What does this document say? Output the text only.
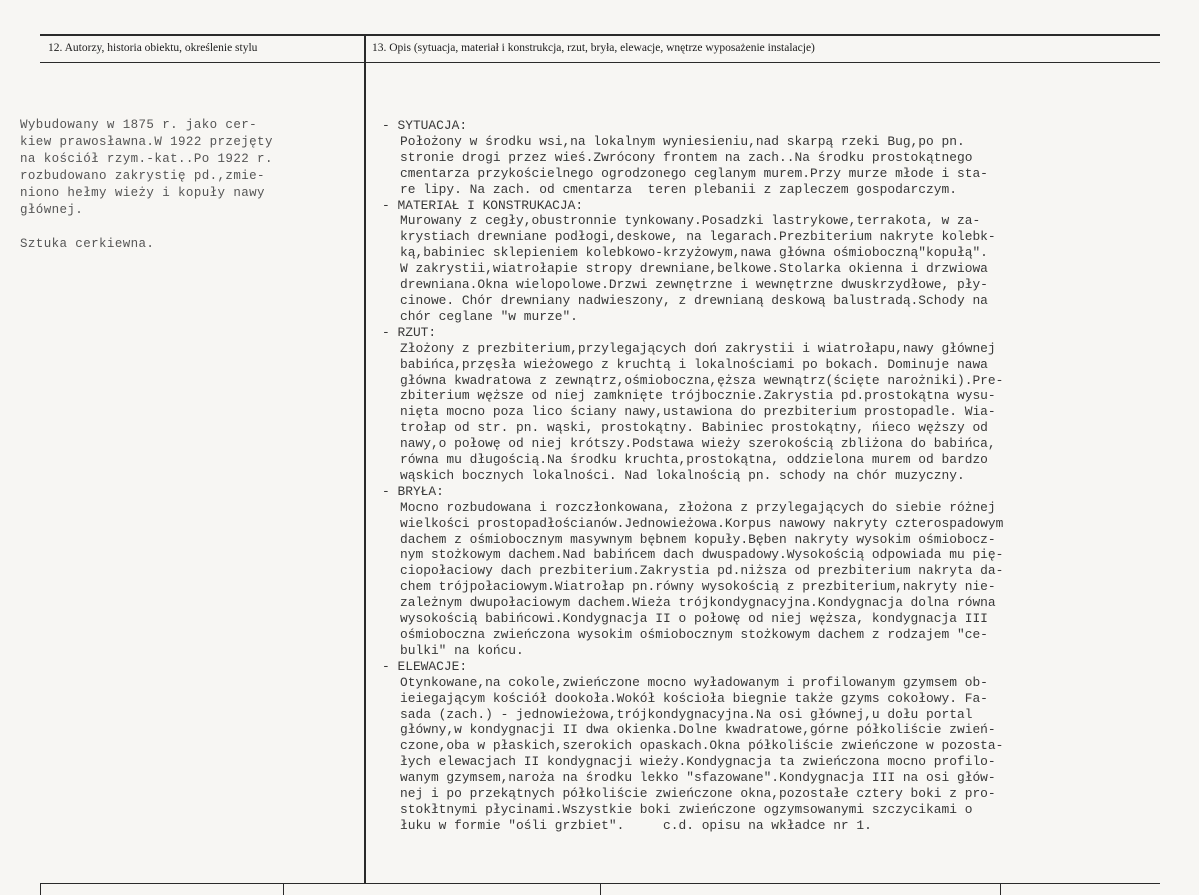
12. Autorzy, historia obiektu, określenie stylu	13. Opis (sytuacja, materiał i konstrukcja, rzut, bryła, elewacje, wnętrze wyposażenie instalacje)
Wybudowany w 1875 r. jako cer-
kiew prawosławna.W 1922 przejęty
na kościół rzym.-kat..Po 1922 r.
rozbudowano zakrystię pd.,zmie-
niono hełmy wieży i kopuły nawy
głównej.
Sztuka cerkiewna.
- SYTUACJA:
Położony w środku wsi,na lokalnym wyniesieniu,nad skarpą rzeki Bug,po pn.
stronie drogi przez wieś.Zwrócony frontem na zach..Na środku prostokątnego
cmentarza przykościelnego ogrodzonego ceglanym murem.Przy murze młode i sta-
re lipy. Na zach. od cmentarza  teren plebanii z zapleczem gospodarczym.
- MATERIAŁ I KONSTRUKACJA:
Murowany z cegły,obustronnie tynkowany.Posadzki lastrykowe,terrakota, w za-
krystiach drewniane podłogi,deskowe, na legarach.Prezbiterium nakryte kolebk-
ką,babiniec sklepieniem kolebkowo-krzyżowym,nawa główna ośmioboczną"kopułą".
W zakrystii,wiatrołapie stropy drewniane,belkowe.Stolarka okienna i drzwiowa
drewniana.Okna wielopolowe.Drzwi zewnętrzne i wewnętrzne dwuskrzydłowe, pły-
cinowe. Chór drewniany nadwieszony, z drewnianą deskową balustradą.Schody na
chór ceglane "w murze".
- RZUT:
Złożony z prezbiterium,przylegających doń zakrystii i wiatrołapu,nawy głównej
babińca,przęsła wieżowego z kruchtą i lokalnościami po bokach. Dominuje nawa
główna kwadratowa z zewnątrz,ośmioboczna,ęższa wewnątrz(ścięte narożniki).Pre-
zbiterium węższe od niej zamknięte trójbocznie.Zakrystia pd.prostokątna wysu-
nięta mocno poza lico ściany nawy,ustawiona do prezbiterium prostopadle. Wia-
trołap od str. pn. wąski, prostokątny. Babiniec prostokątny, ńieco węższy od
nawy,o połowę od niej krótszy.Podstawa wieży szerokością zbliżona do babińca,
równa mu długością.Na środku kruchta,prostokątna, oddzielona murem od bardzo
wąskich bocznych lokalności. Nad lokalnością pn. schody na chór muzyczny.
- BRYŁA:
Mocno rozbudowana i rozczłonkowana, złożona z przylegających do siebie różnej
wielkości prostopadłościanów.Jednowieżowa.Korpus nawowy nakryty czterospadowym
dachem z ośmiobocznym masywnym bębnem kopuły.Bęben nakryty wysokim ośmiobocz-
nym stożkowym dachem.Nad babińcem dach dwuspadowy.Wysokością odpowiada mu pię-
ciopołaciowy dach prezbiterium.Zakrystia pd.niższa od prezbiterium nakryta da-
chem trójpołaciowym.Wiatrołap pn.równy wysokością z prezbiterium,nakryty nie-
zależnym dwupołaciowym dachem.Wieża trójkondygnacyjna.Kondygnacja dolna równa
wysokością babińcowi.Kondygnacja II o połowę od niej węższa, kondygnacja III
ośmioboczna zwieńczona wysokim ośmiobocznym stożkowym dachem z rodzajem "ce-
bulki" na końcu.
- ELEWACJE:
Otynkowane,na cokole,zwieńczone mocno wyładowanym i profilowanym gzymsem ob-
ieiegającym kościół dookoła.Wokół kościoła biegnie także gzyms cokołowy. Fa-
sada (zach.) - jednowieżowa,trójkondygnacyjna.Na osi głównej,u dołu portal
główny,w kondygnacji II dwa okienka.Dolne kwadratowe,górne półkoliście zwień-
czone,oba w płaskich,szerokich opaskach.Okna półkoliście zwieńczone w pozosta-
łych elewacjach II kondygnacji wieży.Kondygnacja ta zwieńczona mocno profilo-
wanym gzymsem,naroża na środku lekko "sfazowane".Kondygnacja III na osi głów-
nej i po przekątnych półkoliście zwieńczone okna,pozostałe cztery boki z pro-
stokłtnymi płycinami.Wszystkie boki zwieńczone ogzymsowanymi szczycikami o
łuku w formie "ośli grzbiet".     c.d. opisu na wkładce nr 1.
